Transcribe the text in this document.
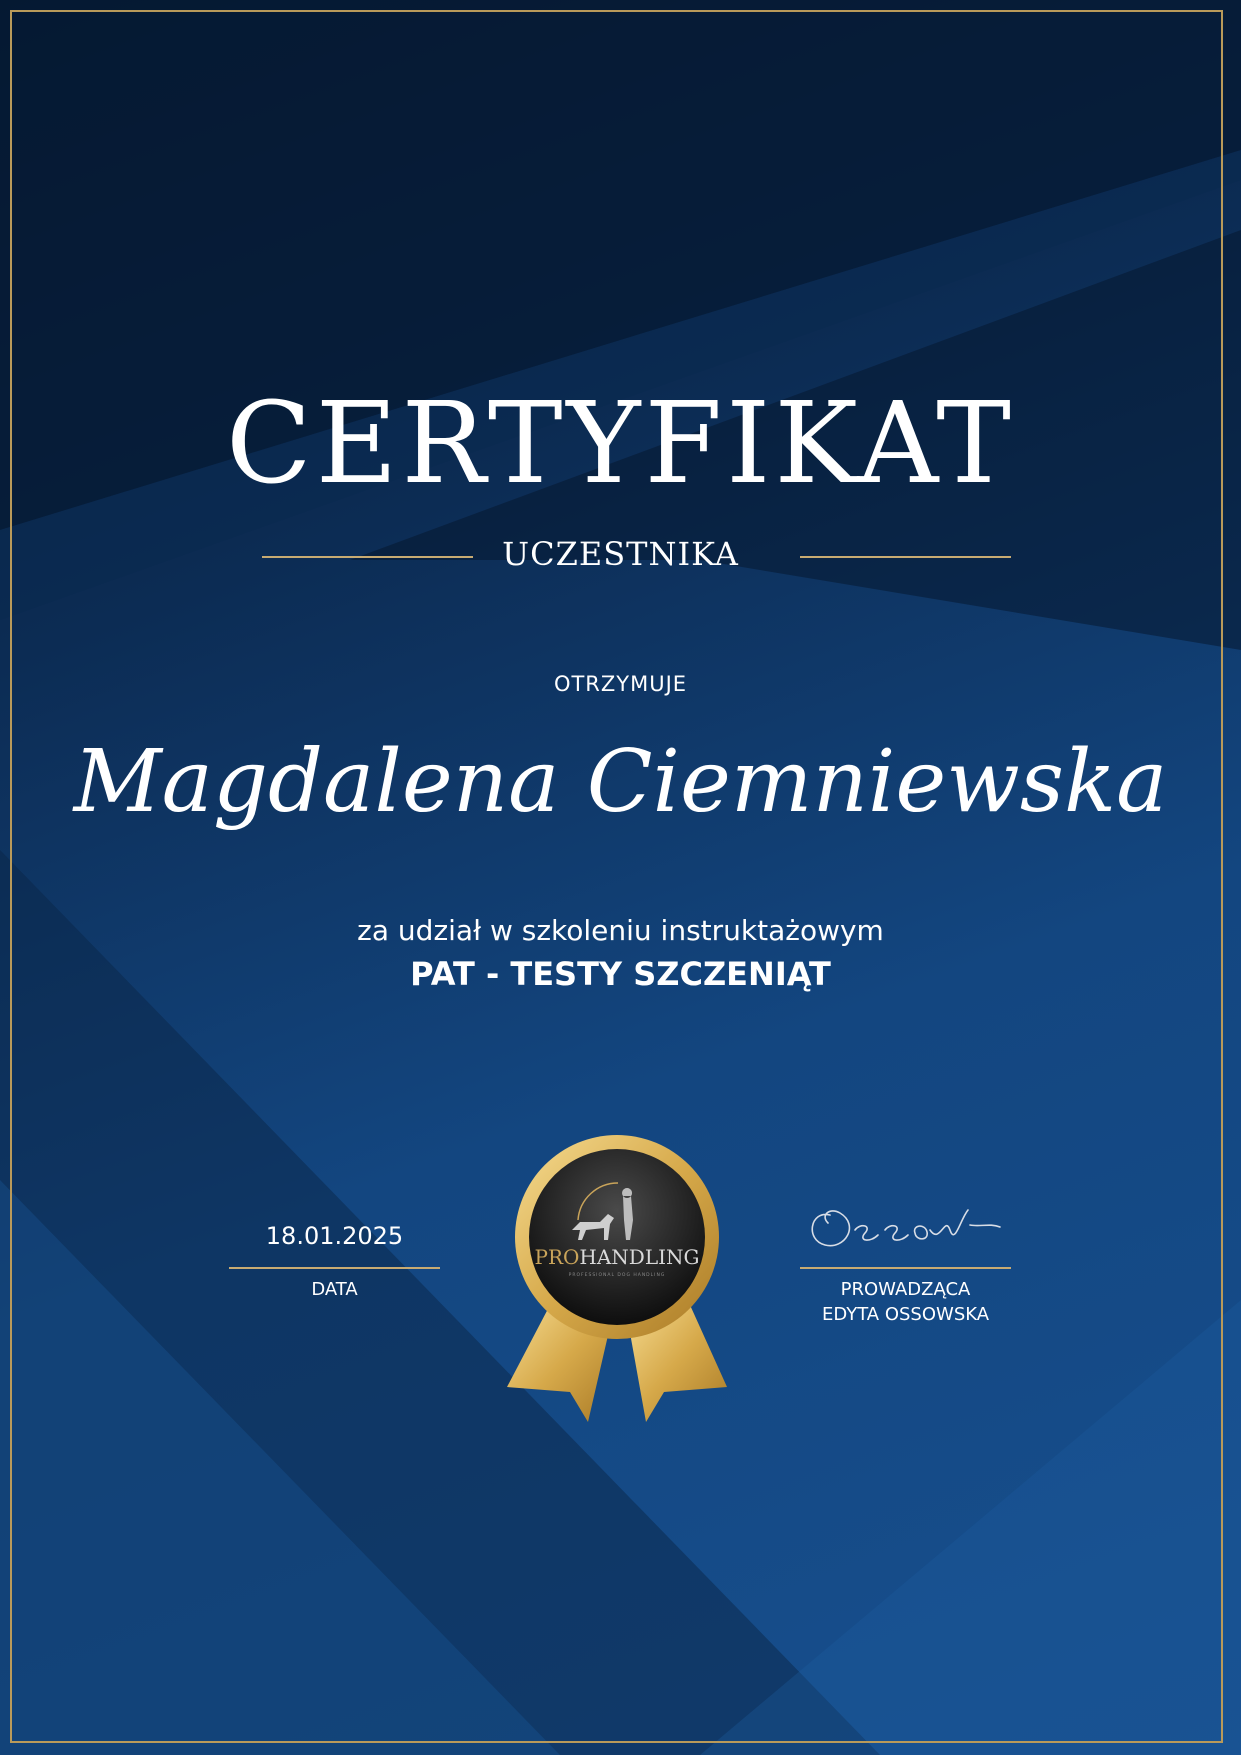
CERTYFIKAT
UCZESTNIKA
OTRZYMUJE
Magdalena Ciemniewska
za udział w szkoleniu instruktażowym
PAT - TESTY SZCZENIĄT
18.01.2025
DATA	PROWADZĄCA
EDYTA OSSOWSKA
PROHANDLING
PROFESSIONAL DOG HANDLING
